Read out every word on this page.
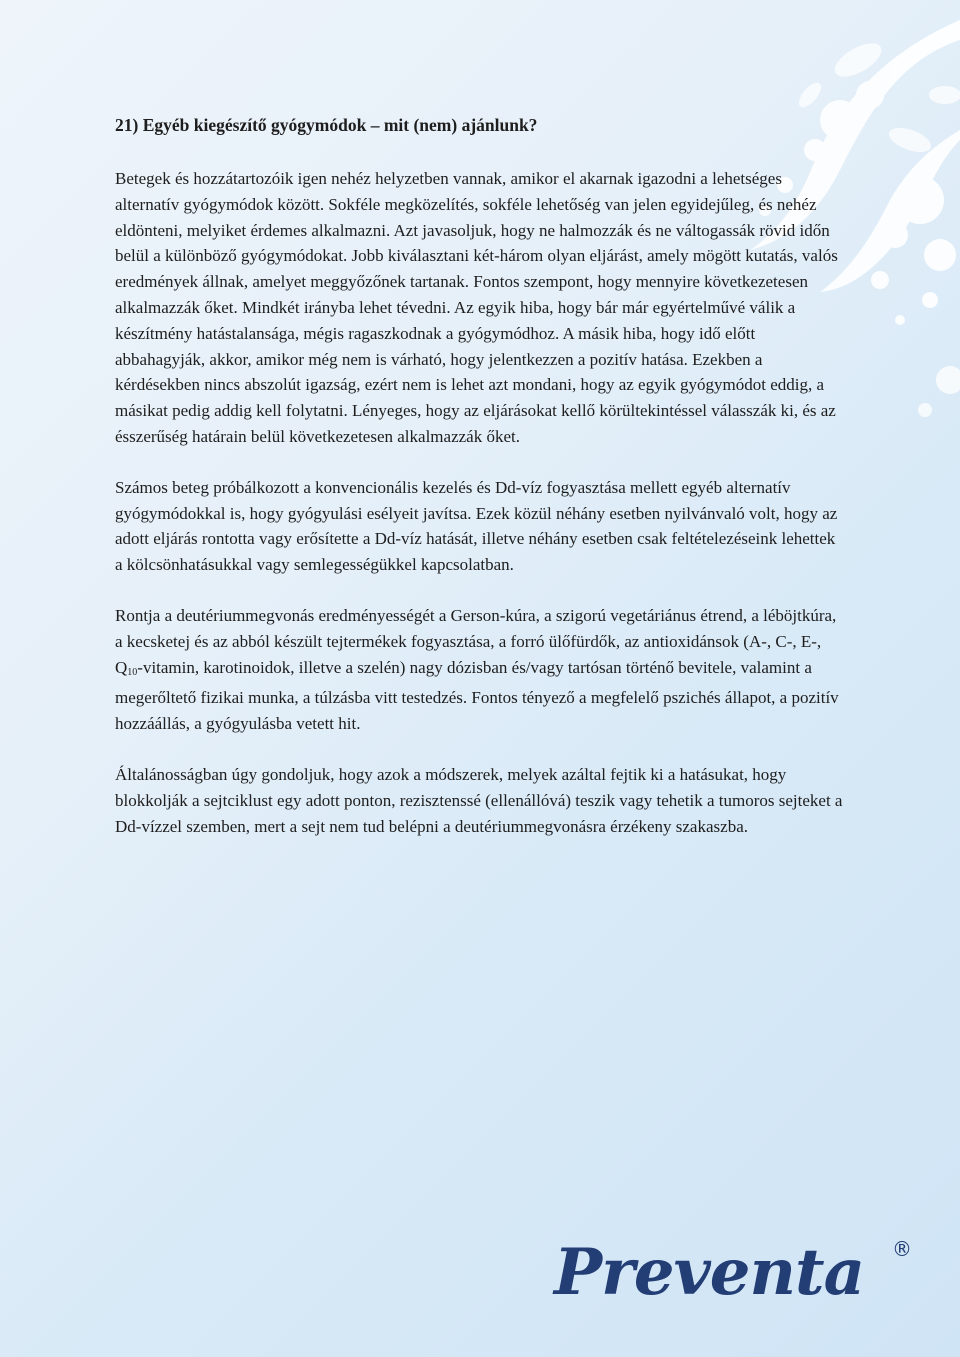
21) Egyéb kiegészítő gyógymódok – mit (nem) ajánlunk?

Betegek és hozzátartozóik igen nehéz helyzetben vannak, amikor el akarnak igazodni a lehetséges alternatív gyógymódok között. Sokféle megközelítés, sokféle lehetőség van jelen egyidejűleg, és nehéz eldönteni, melyiket érdemes alkalmazni. Azt javasoljuk, hogy ne halmozzák és ne váltogassák rövid időn belül a különböző gyógymódokat. Jobb kiválasztani két-három olyan eljárást, amely mögött kutatás, valós eredmények állnak, amelyet meggyőzőnek tartanak. Fontos szempont, hogy mennyire következetesen alkalmazzák őket. Mindkét irányba lehet tévedni. Az egyik hiba, hogy bár már egyértelművé válik a készítmény hatástalansága, mégis ragaszkodnak a gyógymódhoz. A másik hiba, hogy idő előtt abbahagyják, akkor, amikor még nem is várható, hogy jelentkezzen a pozitív hatása. Ezekben a kérdésekben nincs abszolút igazság, ezért nem is lehet azt mondani, hogy az egyik gyógymódot eddig, a másikat pedig addig kell folytatni. Lényeges, hogy az eljárásokat kellő körültekintéssel válasszák ki, és az ésszerűség határain belül következetesen alkalmazzák őket.

Számos beteg próbálkozott a konvencionális kezelés és Dd-víz fogyasztása mellett egyéb alternatív gyógymódokkal is, hogy gyógyulási esélyeit javítsa. Ezek közül néhány esetben nyilvánvaló volt, hogy az adott eljárás rontotta vagy erősítette a Dd-víz hatását, illetve néhány esetben csak feltételezéseink lehettek a kölcsönhatásukkal vagy semlegességükkel kapcsolatban.

Rontja a deutériummegvonás eredményességét a Gerson-kúra, a szigorú vegetáriánus étrend, a léböjtkúra, a kecsketej és az abból készült tejtermékek fogyasztása, a forró ülőfürdők, az antioxidánsok (A-, C-, E-, $Q_{10}$-vitamin, karotinoidok, illetve a szelén) nagy dózisban és/vagy tartósan történő bevitele, valamint a megerőltető fizikai munka, a túlzásba vitt testedzés. Fontos tényező a megfelelő pszichés állapot, a pozitív hozzáállás, a gyógyulásba vetett hit.

Általánosságban úgy gondoljuk, hogy azok a módszerek, melyek azáltal fejtik ki a hatásukat, hogy blokkolják a sejtciklust egy adott ponton, rezisztenssé (ellenállóvá) teszik vagy tehetik a tumoros sejteket a Dd-vízzel szemben, mert a sejt nem tud belépni a deutériummegvonásra érzékeny szakaszba.

Preventa ®
